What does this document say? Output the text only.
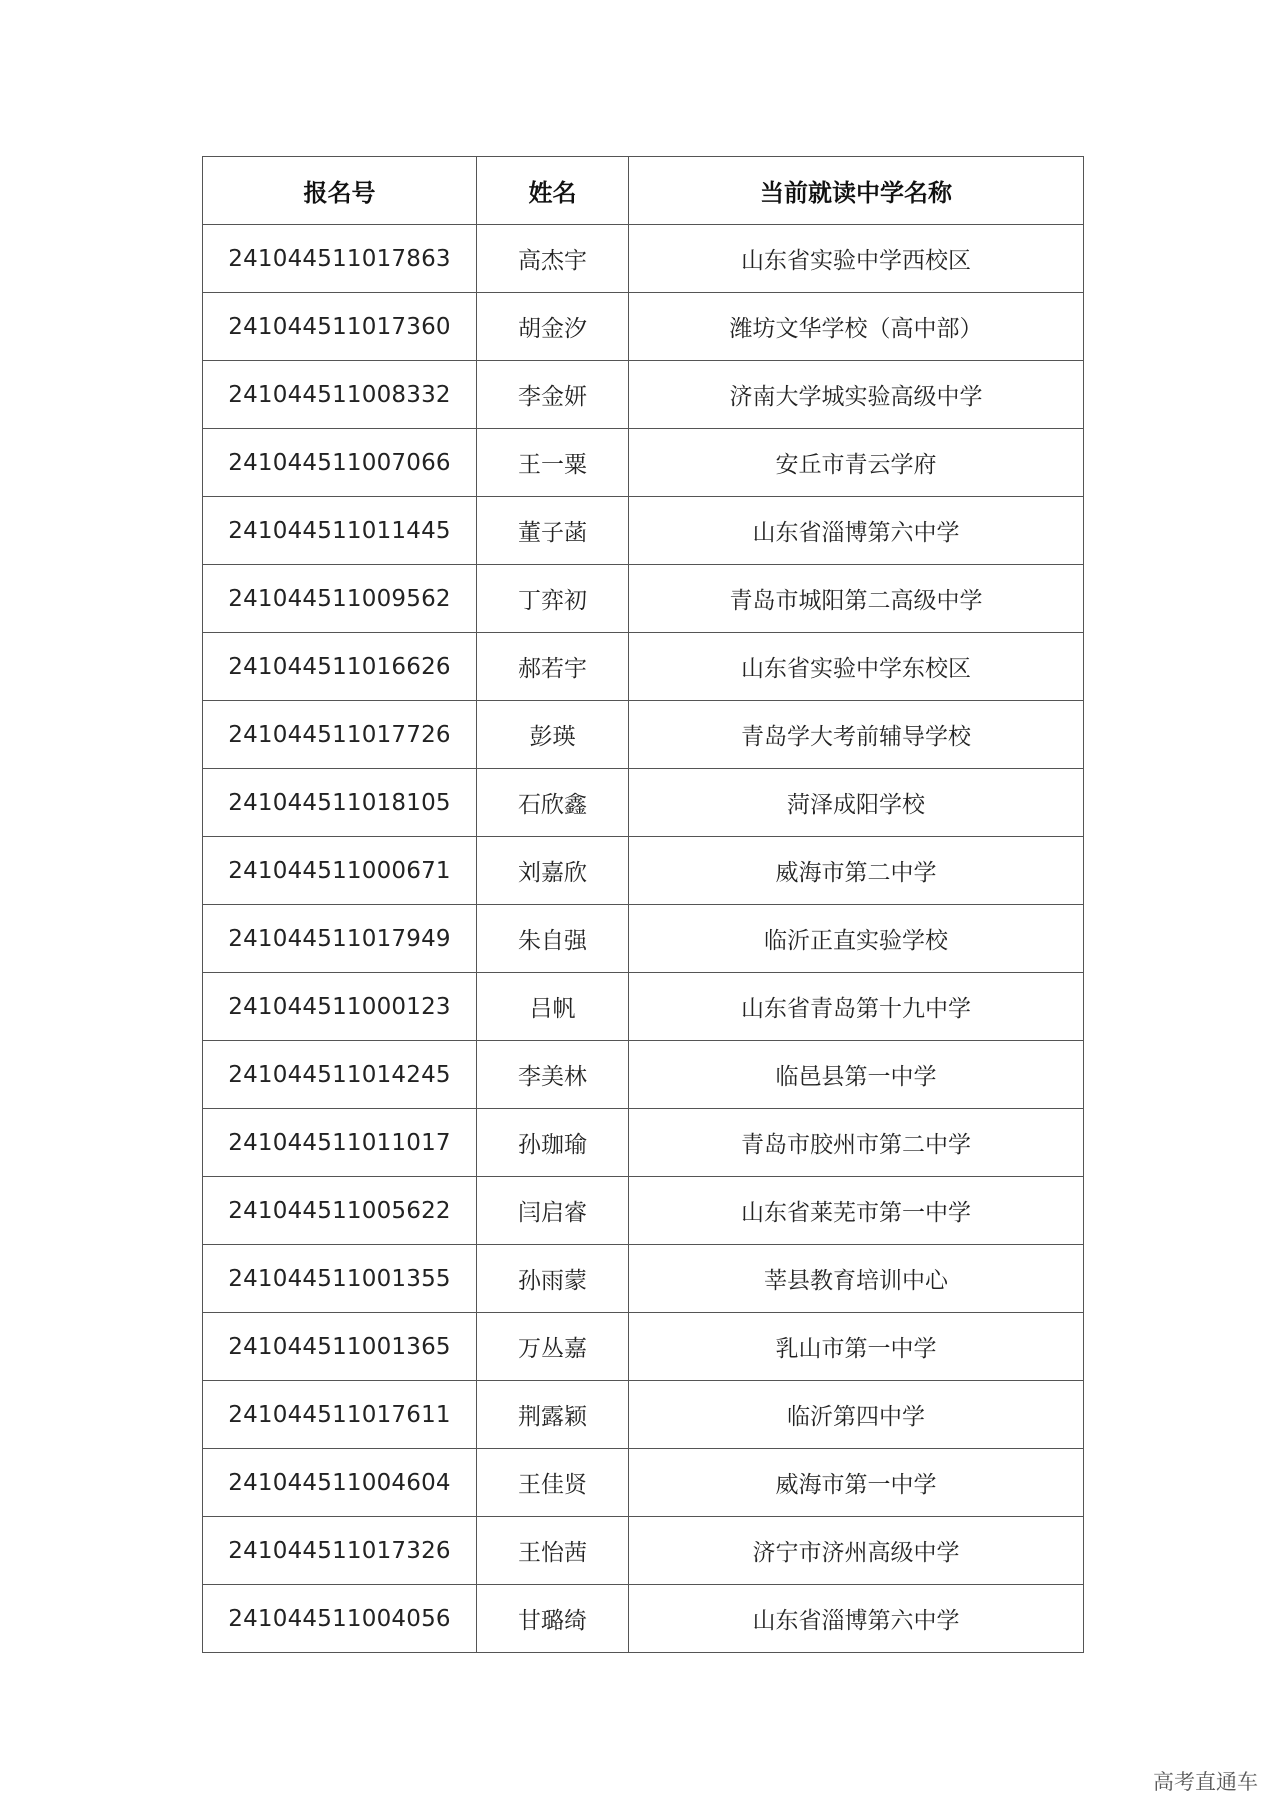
报名号	姓名	当前就读中学名称
241044511017863	高杰宇	山东省实验中学西校区
241044511017360	胡金汐	潍坊文华学校（高中部）
241044511008332	李金妍	济南大学城实验高级中学
241044511007066	王一粟	安丘市青云学府
241044511011445	董子菡	山东省淄博第六中学
241044511009562	丁弈初	青岛市城阳第二高级中学
241044511016626	郝若宇	山东省实验中学东校区
241044511017726	彭瑛	青岛学大考前辅导学校
241044511018105	石欣鑫	菏泽成阳学校
241044511000671	刘嘉欣	威海市第二中学
241044511017949	朱自强	临沂正直实验学校
241044511000123	吕帆	山东省青岛第十九中学
241044511014245	李美林	临邑县第一中学
241044511011017	孙珈瑜	青岛市胶州市第二中学
241044511005622	闫启睿	山东省莱芜市第一中学
241044511001355	孙雨蒙	莘县教育培训中心
241044511001365	万丛嘉	乳山市第一中学
241044511017611	荆露颖	临沂第四中学
241044511004604	王佳贤	威海市第一中学
241044511017326	王怡茜	济宁市济州高级中学
241044511004056	甘璐绮	山东省淄博第六中学
高考直通车
